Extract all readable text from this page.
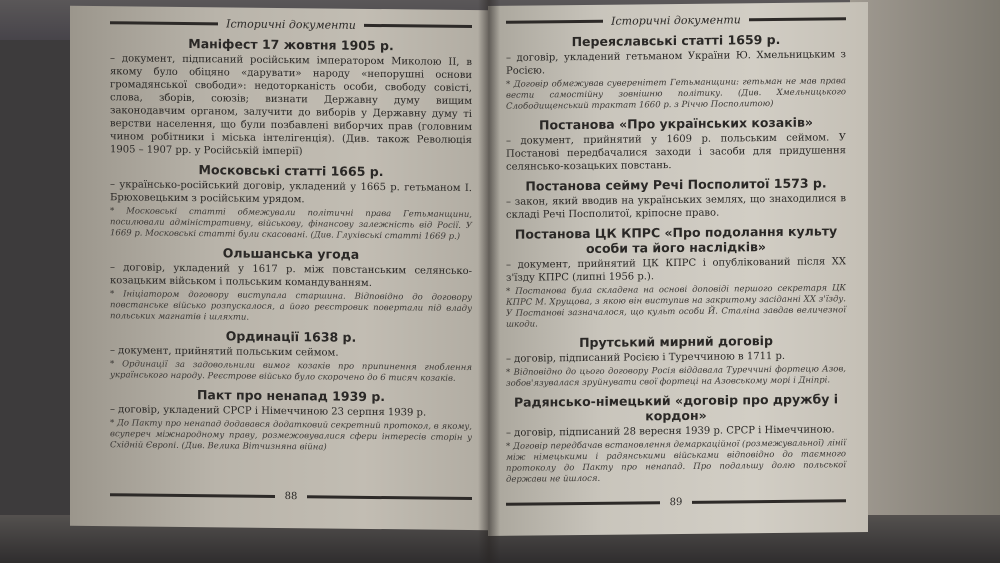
Історичні документи
Маніфест 17 жовтня 1905 р.
– документ, підписаний російським імператором Миколою II, в якому було обіцяно «дарувати» народу «непорушні основи громадянської свободи»: недоторканість особи, свободу совісті, слова, зборів, союзів; визнати Державну думу вищим законодавчим органом, залучити до виборів у Державну думу ті верстви населення, що були позбавлені виборчих прав (головним чином робітники і міська інтелігенція). (Див. також Революція 1905 – 1907 рр. у Російській імперії)
Московські статті 1665 р.
– українсько-російський договір, укладений у 1665 р. гетьманом І. Брюховецьким з російським урядом.
* Московські статті обмежували політичні права Гетьманщини, посилювали адміністративну, військову, фінансову залежність від Росії. У 1669 р. Московські статті були скасовані. (Див. Глухівські статті 1669 р.)
Ольшанська угода
– договір, укладений у 1617 р. між повстанським селянсько-козацьким військом і польським командуванням.
* Ініціатором договору виступала старшина. Відповідно до договору повстанське військо розпускалося, а його реєстровик повертали під владу польських магнатів і шляхти.
Ординації 1638 р.
– документ, прийнятий польським сеймом.
* Ординації за задовольнили вимог козаків про припинення гноблення українського народу. Реєстрове військо було скорочено до 6 тисяч козаків.
Пакт про ненапад 1939 р.
– договір, укладений СРСР і Німеччиною 23 серпня 1939 р.
* До Пакту про ненапад додавався додатковий секретний протокол, в якому, всупереч міжнародному праву, розмежовувалися сфери інтересів сторін у Східній Європі. (Див. Велика Вітчизняна війна)
88
Історичні документи
Переяславські статті 1659 р.
– договір, укладений гетьманом України Ю. Хмельницьким з Росією.
* Договір обмежував суверенітет Гетьманщини: гетьман не мав права вести самостійну зовнішню політику. (Див. Хмельницького Слободищенський трактат 1660 р. з Річчю Посполитою)
Постанова «Про українських козаків»
– документ, прийнятий у 1609 р. польським сеймом. У Постанові передбачалися заходи і засоби для придушення селянсько-козацьких повстань.
Постанова сейму Речі Посполитої 1573 р.
– закон, який вводив на українських землях, що знаходилися в складі Речі Посполитої, кріпосне право.
Постанова ЦК КПРС «Про подолання культу особи та його наслідків»
– документ, прийнятий ЦК КПРС і опублікований після XX з'їзду КПРС (липні 1956 р.).
* Постанова була складена на основі доповіді першого секретаря ЦК КПРС М. Хрущова, з якою він виступив на закритому засіданні XX з'їзду. У Постанові зазначалося, що культ особи Й. Сталіна завдав величезної шкоди.
Прутський мирний договір
– договір, підписаний Росією і Туреччиною в 1711 р.
* Відповідно до цього договору Росія віддавала Туреччині фортецю Азов, зобов'язувалася зруйнувати свої фортеці на Азовському морі і Дніпрі.
Радянсько-німецький «договір про дружбу і кордон»
– договір, підписаний 28 вересня 1939 р. СРСР і Німеччиною.
* Договір передбачав встановлення демаркаційної (розмежувальної) лінії між німецькими і радянськими військами відповідно до таємного протоколу до Пакту про ненапад. Про подальшу долю польської держави не йшлося.
89
